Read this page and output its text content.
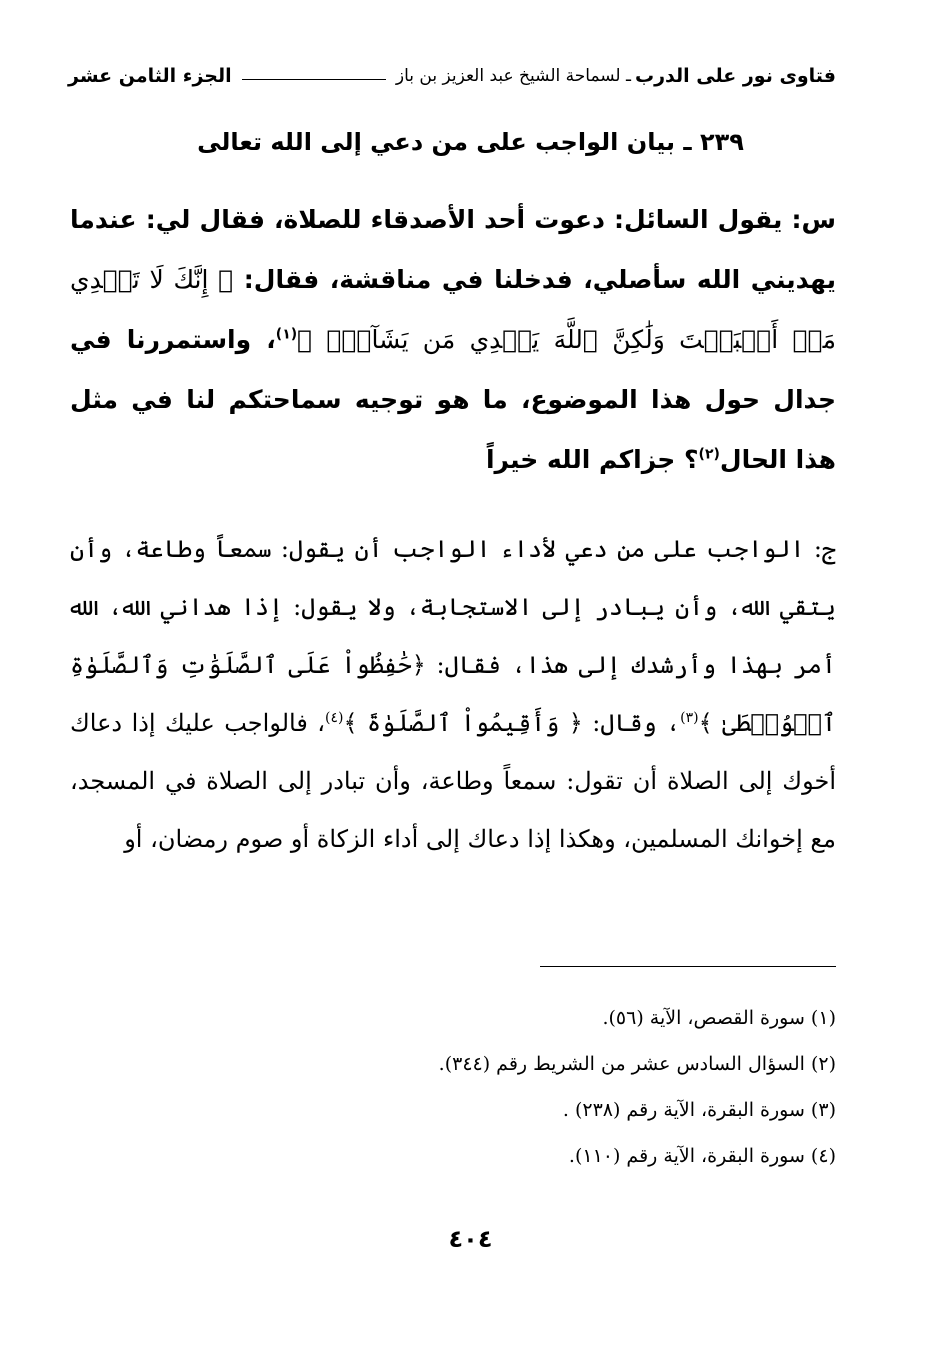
فتاوى نور على الدرب
ـ لسماحة الشيخ عبد العزيز بن باز
الجزء الثامن عشر
٢٣٩ ـ بيان الواجب على من دعي إلى الله تعالى
س: يقول السائل: دعوت أحد الأصدقاء للصلاة، فقال لي: عندما يهديني الله سأصلي، فدخلنا في مناقشة، فقال: ﴿ إِنَّكَ لَا تَهۡدِي مَنۡ أَحۡبَبۡتَ وَلَٰكِنَّ ٱللَّهَ يَهۡدِي مَن يَشَآءُۚ ﴾$^{(١)}$، واستمررنا في جدال حول هذا الموضوع، ما هو توجيه سماحتكم لنا في مثل هذا الحال$^{(٢)}$؟ جزاكم الله خيراً
ج: الواجب على من دعي لأداء الواجب أن يقول: سمعاً وطاعة، وأن يتقي الله، وأن يبادر إلى الاستجابة، ولا يقول: إذا هداني الله، الله أمر بهذا وأرشدك إلى هذا، فقال: ﴿حَٰفِظُواْ عَلَى ٱلصَّلَوَٰتِ وَٱلصَّلَوٰةِ ٱلۡوُسۡطَىٰ ﴾$^{(٣)}$، وقال: ﴿ وَأَقِيمُواْ ٱلصَّلَوٰةَ ﴾$^{(٤)}$، فالواجب عليك إذا دعاك أخوك إلى الصلاة أن تقول: سمعاً وطاعة، وأن تبادر إلى الصلاة في المسجد، مع إخوانك المسلمين، وهكذا إذا دعاك إلى أداء الزكاة أو صوم رمضان، أو
(١) سورة القصص، الآية (٥٦).
(٢) السؤال السادس عشر من الشريط رقم (٣٤٤).
(٣) سورة البقرة، الآية رقم (٢٣٨) .
(٤) سورة البقرة، الآية رقم (١١٠).
٤٠٤
